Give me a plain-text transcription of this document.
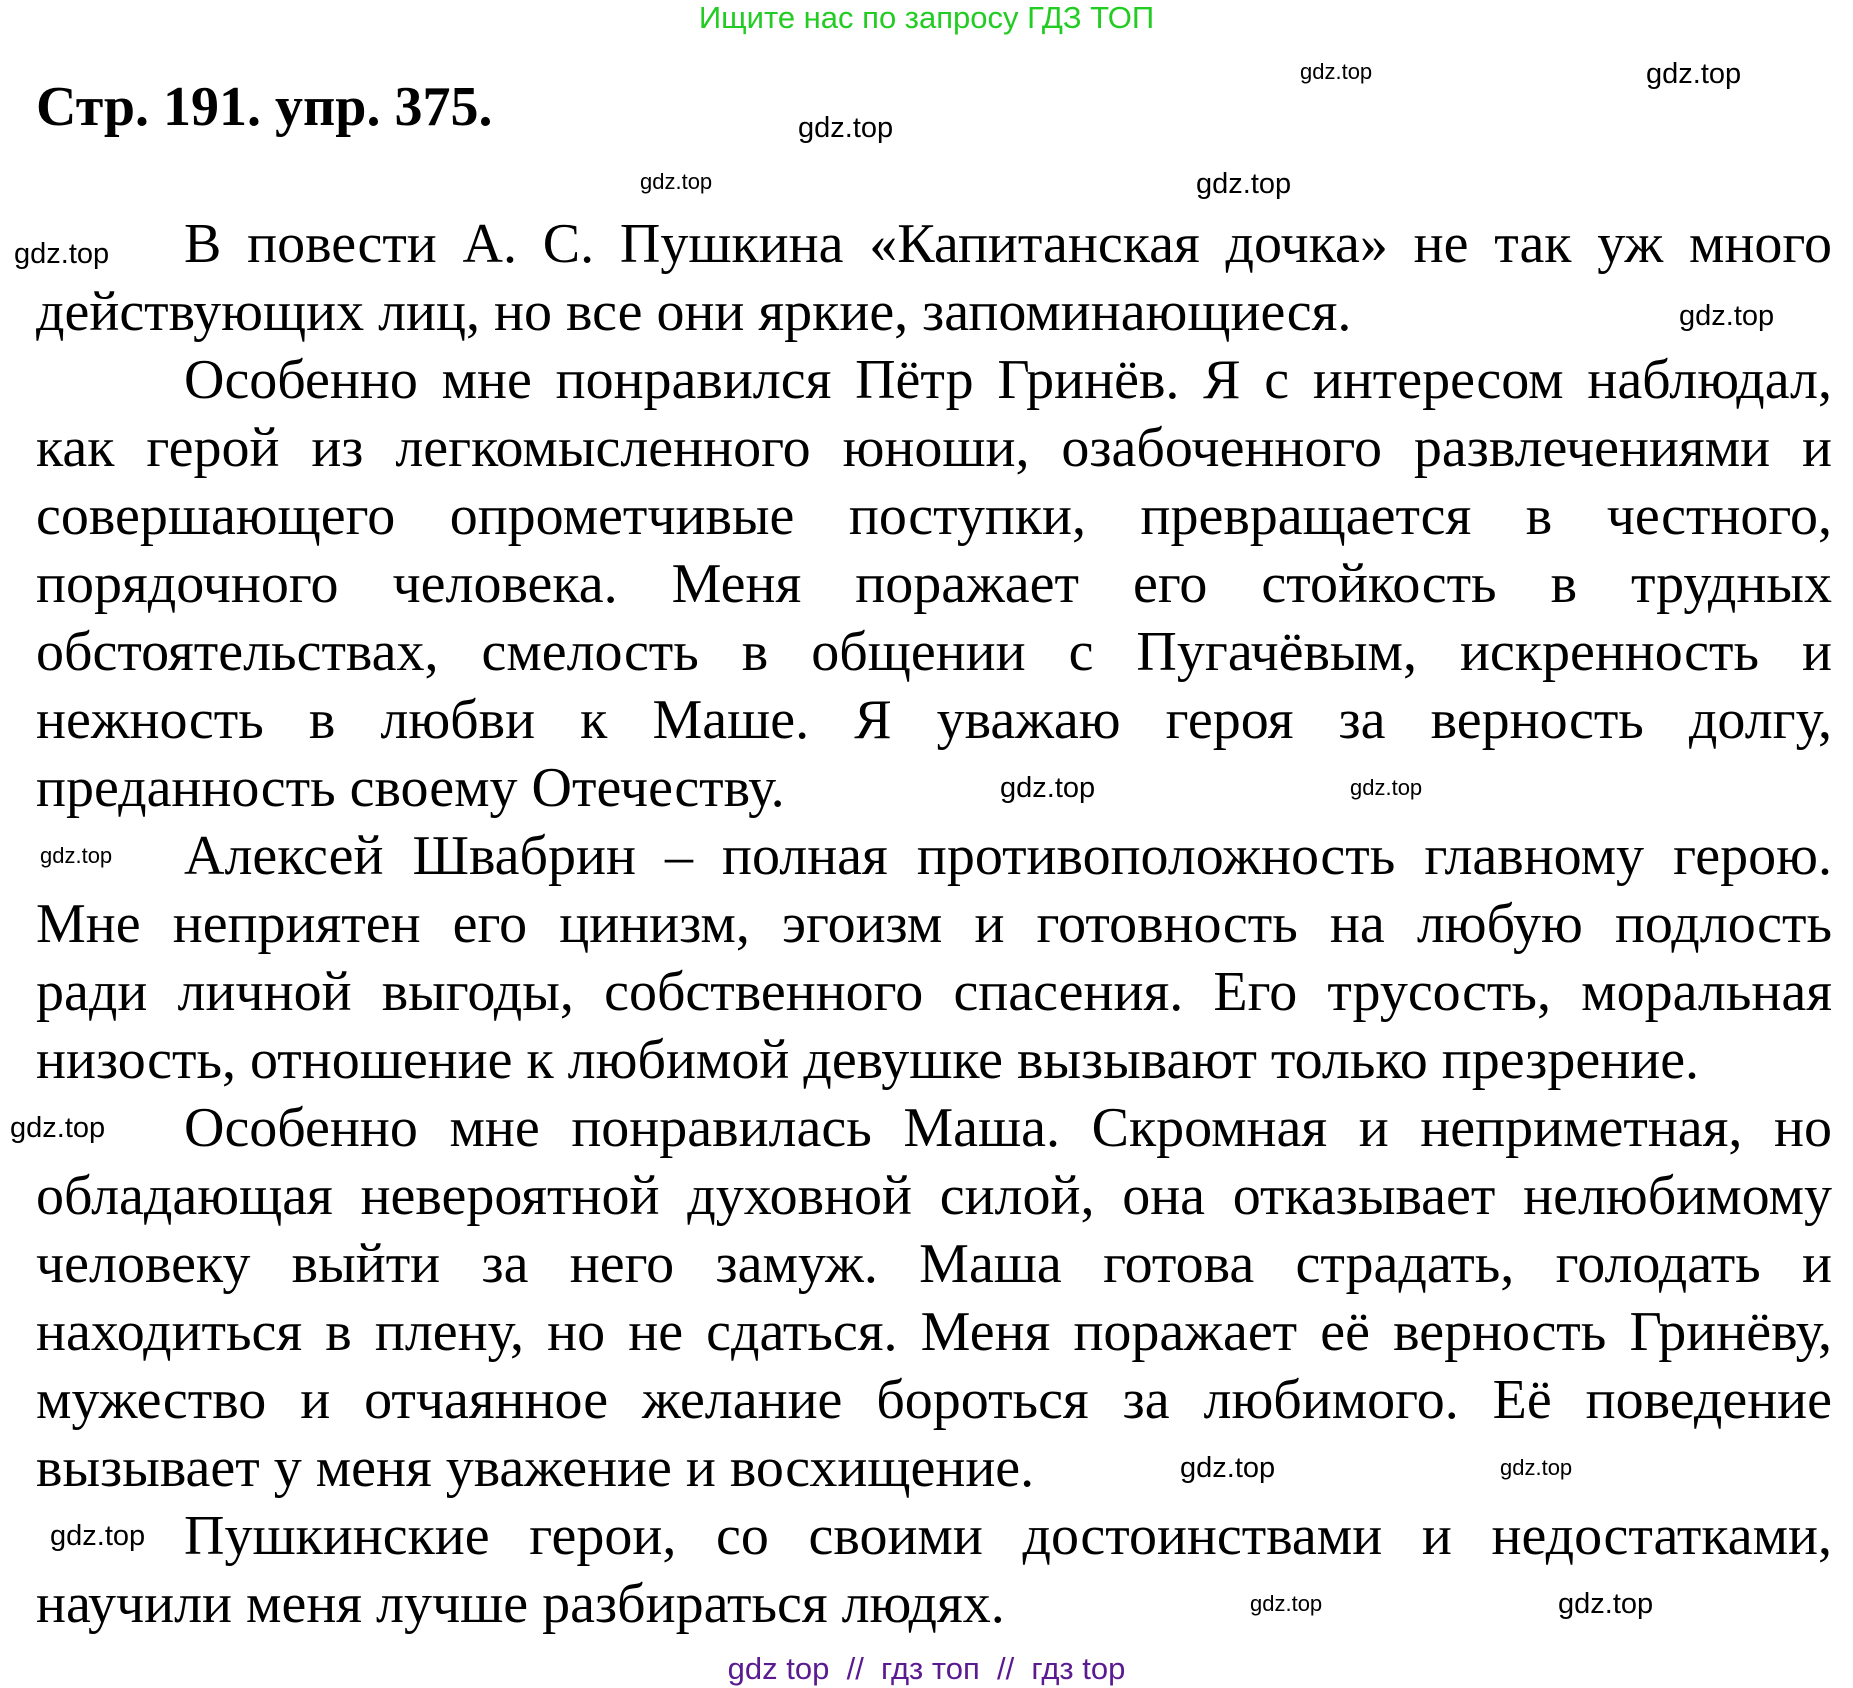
Ищите нас по запросу ГДЗ ТОП
Стр. 191. упр. 375.
В повести А. С. Пушкина «Капитанская дочка» не так уж много
действующих лиц, но все они яркие, запоминающиеся.
Особенно мне понравился Пётр Гринёв. Я с интересом наблюдал,
как герой из легкомысленного юноши, озабоченного развлечениями и
совершающего опрометчивые поступки, превращается в честного,
порядочного человека. Меня поражает его стойкость в трудных
обстоятельствах, смелость в общении с Пугачёвым, искренность и
нежность в любви к Маше. Я уважаю героя за верность долгу,
преданность своему Отечеству.
Алексей Швабрин – полная противоположность главному герою.
Мне неприятен его цинизм, эгоизм и готовность на любую подлость
ради личной выгоды, собственного спасения. Его трусость, моральная
низость, отношение к любимой девушке вызывают только презрение.
Особенно мне понравилась Маша. Скромная и неприметная, но
обладающая невероятной духовной силой, она отказывает нелюбимому
человеку выйти за него замуж. Маша готова страдать, голодать и
находиться в плену, но не сдаться. Меня поражает её верность Гринёву,
мужество и отчаянное желание бороться за любимого. Её поведение
вызывает у меня уважение и восхищение.
Пушкинские герои, со своими достоинствами и недостатками,
научили меня лучше разбираться людях.
gdz.top
gdz.top
gdz.top
gdz.top
gdz.top
gdz.top
gdz.top
gdz.top
gdz.top
gdz.top
gdz.top
gdz.top
gdz.top
gdz.top
gdz.top
gdz.top
gdz top  //  гдз топ  //  гдз top
